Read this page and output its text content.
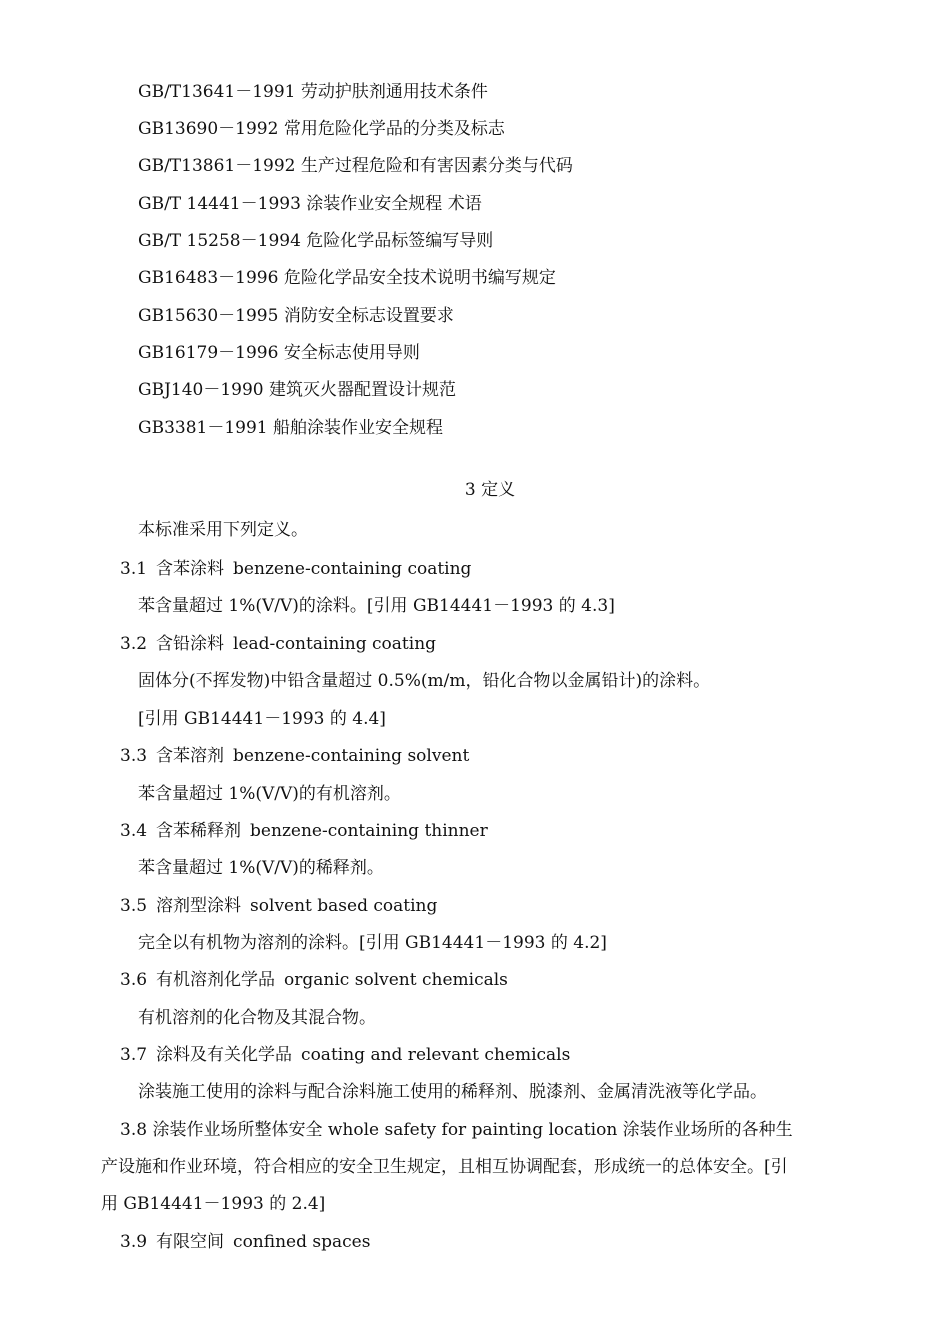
GB/T13641－1991 劳动护肤剂通用技术条件
GB13690－1992 常用危险化学品的分类及标志
GB/T13861－1992 生产过程危险和有害因素分类与代码
GB/T 14441－1993 涂装作业安全规程 术语
GB/T 15258－1994 危险化学品标签编写导则
GB16483－1996 危险化学品安全技术说明书编写规定
GB15630－1995 消防安全标志设置要求
GB16179－1996 安全标志使用导则
GBJ140－1990 建筑灭火器配置设计规范
GB3381－1991 船舶涂装作业安全规程
3 定义
本标准采用下列定义。
3.1 含苯涂料 benzene-containing coating
苯含量超过 1%(V/V)的涂料。[引用 GB14441－1993 的 4.3]
3.2 含铅涂料 lead-containing coating
固体分(不挥发物)中铅含量超过 0.5%(m/m，铅化合物以金属铅计)的涂料。
[引用 GB14441－1993 的 4.4]
3.3 含苯溶剂 benzene-containing solvent
苯含量超过 1%(V/V)的有机溶剂。
3.4 含苯稀释剂 benzene-containing thinner
苯含量超过 1%(V/V)的稀释剂。
3.5 溶剂型涂料 solvent based coating
完全以有机物为溶剂的涂料。[引用 GB14441－1993 的 4.2]
3.6 有机溶剂化学品 organic solvent chemicals
有机溶剂的化合物及其混合物。
3.7 涂料及有关化学品 coating and relevant chemicals
涂装施工使用的涂料与配合涂料施工使用的稀释剂、脱漆剂、金属清洗液等化学品。
3.8 涂装作业场所整体安全 whole safety for painting location 涂装作业场所的各种生
产设施和作业环境，符合相应的安全卫生规定，且相互协调配套，形成统一的总体安全。[引
用 GB14441－1993 的 2.4]
3.9 有限空间 confined spaces
